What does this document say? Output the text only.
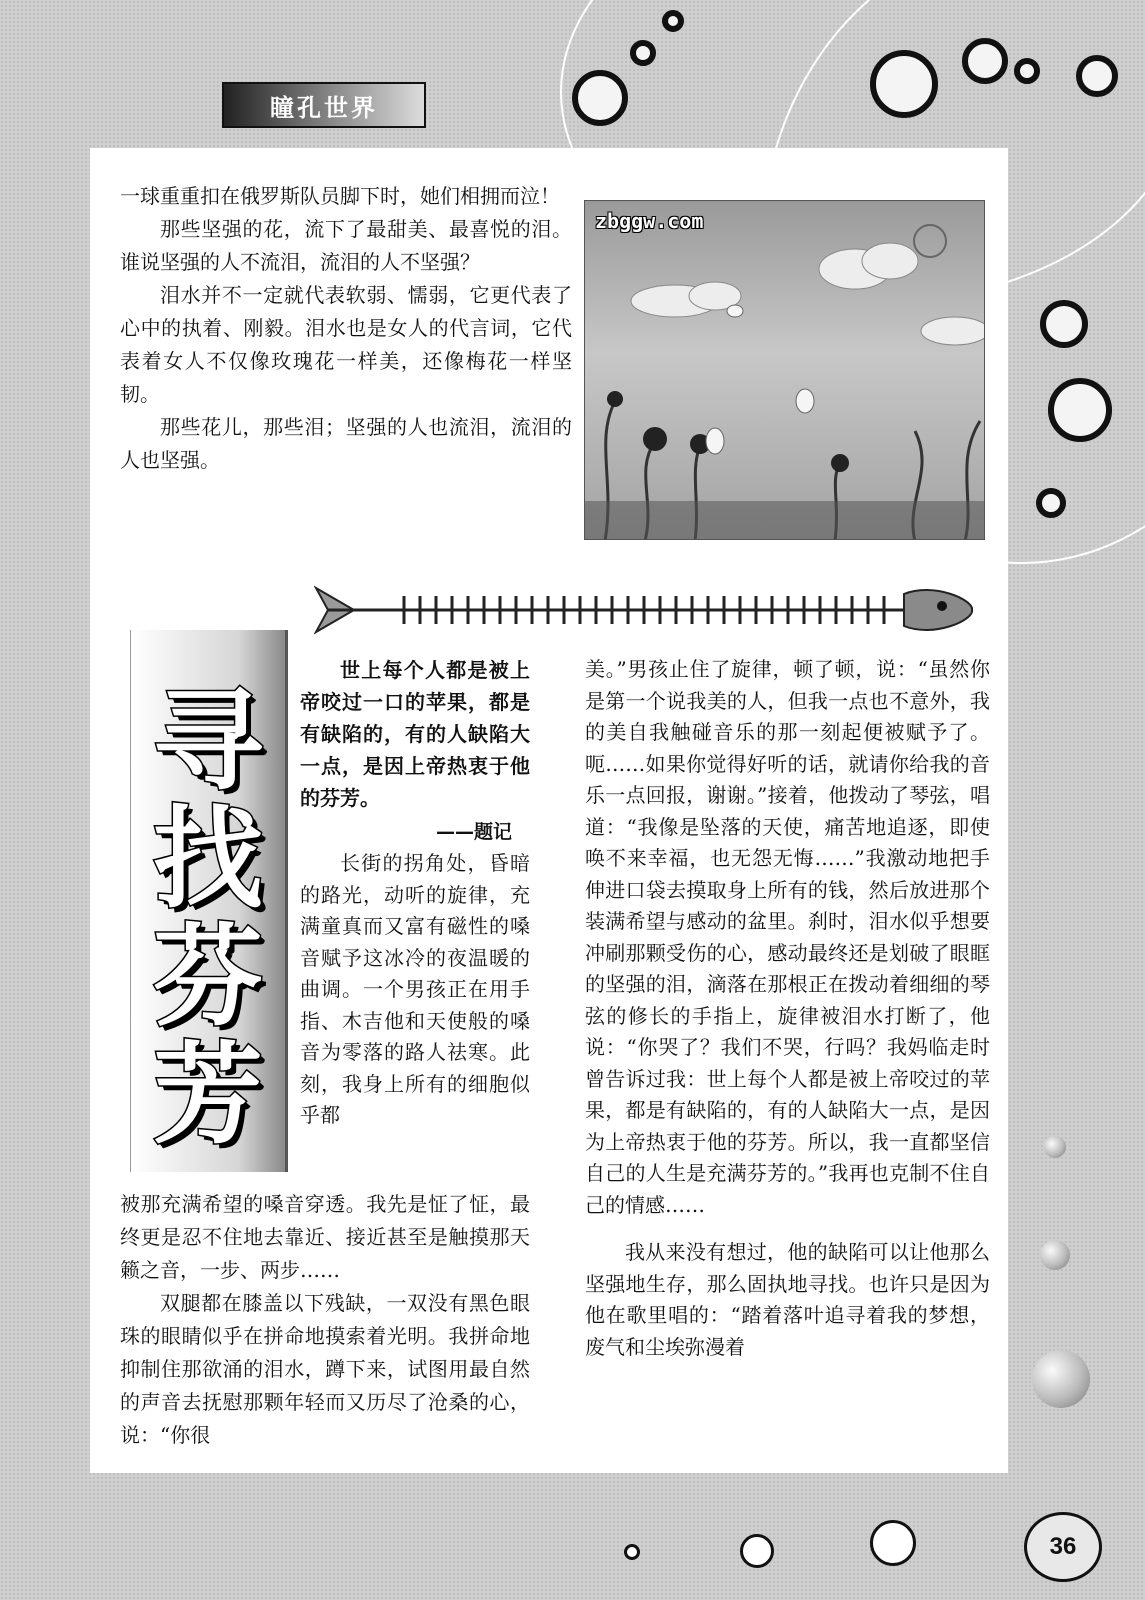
瞳孔世界

一球重重扣在俄罗斯队员脚下时，她们相拥而泣！

那些坚强的花，流下了最甜美、最喜悦的泪。谁说坚强的人不流泪，流泪的人不坚强？

泪水并不一定就代表软弱、懦弱，它更代表了心中的执着、刚毅。泪水也是女人的代言词，它代表着女人不仅像玫瑰花一样美，还像梅花一样坚韧。

那些花儿，那些泪；坚强的人也流泪，流泪的人也坚强。

zbggw.com
寻
找
芬
芳

世上每个人都是被上帝咬过一口的苹果，都是有缺陷的，有的人缺陷大一点，是因上帝热衷于他的芬芳。

——题记

长街的拐角处，昏暗的路光，动听的旋律，充满童真而又富有磁性的嗓音赋予这冰冷的夜温暖的曲调。一个男孩正在用手指、木吉他和天使般的嗓音为零落的路人祛寒。此刻，我身上所有的细胞似乎都

被那充满希望的嗓音穿透。我先是怔了怔，最终更是忍不住地去靠近、接近甚至是触摸那天籁之音，一步、两步……

双腿都在膝盖以下残缺，一双没有黑色眼珠的眼睛似乎在拼命地摸索着光明。我拼命地抑制住那欲涌的泪水，蹲下来，试图用最自然的声音去抚慰那颗年轻而又历尽了沧桑的心，说：“你很

美。”男孩止住了旋律，顿了顿，说：“虽然你是第一个说我美的人，但我一点也不意外，我的美自我触碰音乐的那一刻起便被赋予了。呃……如果你觉得好听的话，就请你给我的音乐一点回报，谢谢。”接着，他拨动了琴弦，唱道：“我像是坠落的天使，痛苦地追逐，即使唤不来幸福，也无怨无悔……”我激动地把手伸进口袋去摸取身上所有的钱，然后放进那个装满希望与感动的盆里。刹时，泪水似乎想要冲刷那颗受伤的心，感动最终还是划破了眼眶的坚强的泪，滴落在那根正在拨动着细细的琴弦的修长的手指上，旋律被泪水打断了，他说：“你哭了？我们不哭，行吗？我妈临走时曾告诉过我：世上每个人都是被上帝咬过的苹果，都是有缺陷的，有的人缺陷大一点，是因为上帝热衷于他的芬芳。所以，我一直都坚信自己的人生是充满芬芳的。”我再也克制不住自己的情感……

我从来没有想过，他的缺陷可以让他那么坚强地生存，那么固执地寻找。也许只是因为他在歌里唱的：“踏着落叶追寻着我的梦想，废气和尘埃弥漫着

36
